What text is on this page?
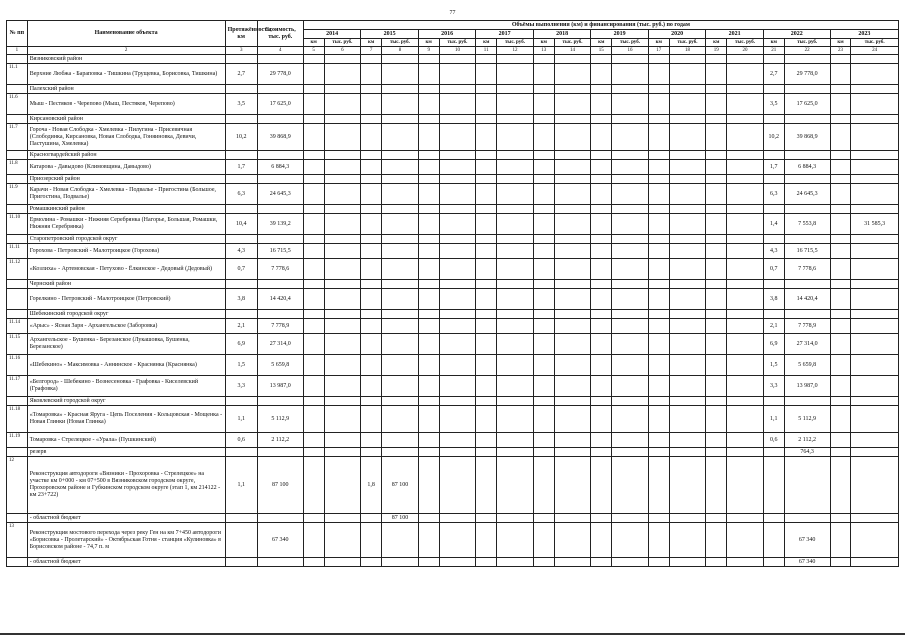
77
№ пп	Наименование объекта	Протяжённость, км	Стоимость, тыс. руб.	Объёмы выполнения (км) и финансирования (тыс. руб.) по годам																			
				2014		2015		2016		2017		2018		2019		2020		2021		2022		2023	
				км	тыс. руб.	км	тыс. руб.	км	тыс. руб.	км	тыс. руб.	км	тыс. руб.	км	тыс. руб.	км	тыс. руб.	км	тыс. руб.	км	тыс. руб.	км	тыс. руб.
1	2	3	4	5	6	7	8	9	10	11	12	13	14	15	16	17	18	19	20	21	22	23	24
	Вязниковский район																						
11.1	Верхние Любжа - Бараповка - Тишкина (Трущевка, Борисовка, Тишкина)	2,7	29 778,0																	2,7	29 778,0		
	Палехский район																						
11.6	Мыш - Пестяков - Черепово (Мыш, Пестяков, Черепово)	3,5	17 625,0																	3,5	17 625,0		
	Кирсановский район																						
11.7	Гороча - Новая Слободка - Хмелевка - Пилугина - Присевичная (Слободинка, Кирсановка, Новая Слободка, Гоняиновка, Девичи, Пастушина, Хмелевка)	10,2	39 868,9																	10,2	39 868,9		
	Красногвардейский район																						
11.8	Катарова - Давыдово (Климовщина, Давыдово)	1,7	6 884,3																	1,7	6 884,3		
	Приозерский район																						
11.9	Карачи - Новая Слободка - Хмелевка - Подвалье - Пригостина (Большое, Пригостина, Подвалье)	6,3	24 645,3																	6,3	24 645,3		
	Ромашкинский район																						
11.10	Ермолина - Ромашки - Нижняя Серебрянка (Нагорье, Большая, Ромашки, Нижняя Серебрянка)	10,4	39 139,2																	1,4	7 553,8		31 585,3
	Старопетровский городской округ																						
11.11	Горохова - Петровский - Малотроицкое (Горохова)	4,3	16 715,5																	4,3	16 715,5		
11.12	«Козлиха» - Артемовская - Петухово - Ёлкинское - Дедовый (Дедовый)	0,7	7 778,6																	0,7	7 778,6		
	Чернский район																						
	Горелкино - Петровский - Малотроицкое (Петровский)	3,8	14 420,4																	3,8	14 420,4		
	Шебекинский городской округ																						
11.14	«Арыс» - Ясная Заря - Архангельское (Заборовка)	2,1	7 778,9																	2,1	7 778,9		
11.15	Архангельское - Бушенка - Березанское (Лукашовка, Бушенка, Березанское)	6,9	27 314,0																	6,9	27 314,0		
11.16	«Шебекино» - Максимовка - Аннинское - Краснянка (Краснянка)	1,5	5 659,8																	1,5	5 659,8		
11.17	«Белгород» - Шебекино - Вознесеновка - Графовка - Киселевский (Графовка)	3,3	13 987,0																	3,3	13 987,0		
	Яковлевский городской округ																						
11.18	«Томаровка» - Красная Яруга - Цепь Поселения - Кольцовская - Мощенка - Новая Глинки (Новая Глинка)	1,1	5 112,9																	1,1	5 112,9		
11.19	Томаровка - Стрелецкое - «Урала» (Пушкинский)	0,6	2 112,2																	0,6	2 112,2		
	резерв																				764,3		
12	Реконструкция автодороги «Вязники - Прохоровка - Стрелецкое» на участке км 0+000 - км 07+500 в Вязниковском городском округе, Прохоровском районе и Губкинском городском округе (этап 1, км 214122 - км 23+722)	1,1	87 100			1,8	87 100																
	- областной бюджет						87 100																
13	Реконструкция мостового перехода через реку Ген на км 7+450 автодороги «Борисовка - Пролетарский» - Октябрьская Готня - станция «Кулиновка» в Борисовском районе - 74,7 п. м		67 340																		67 340		
	- областной бюджет																				67 340		
